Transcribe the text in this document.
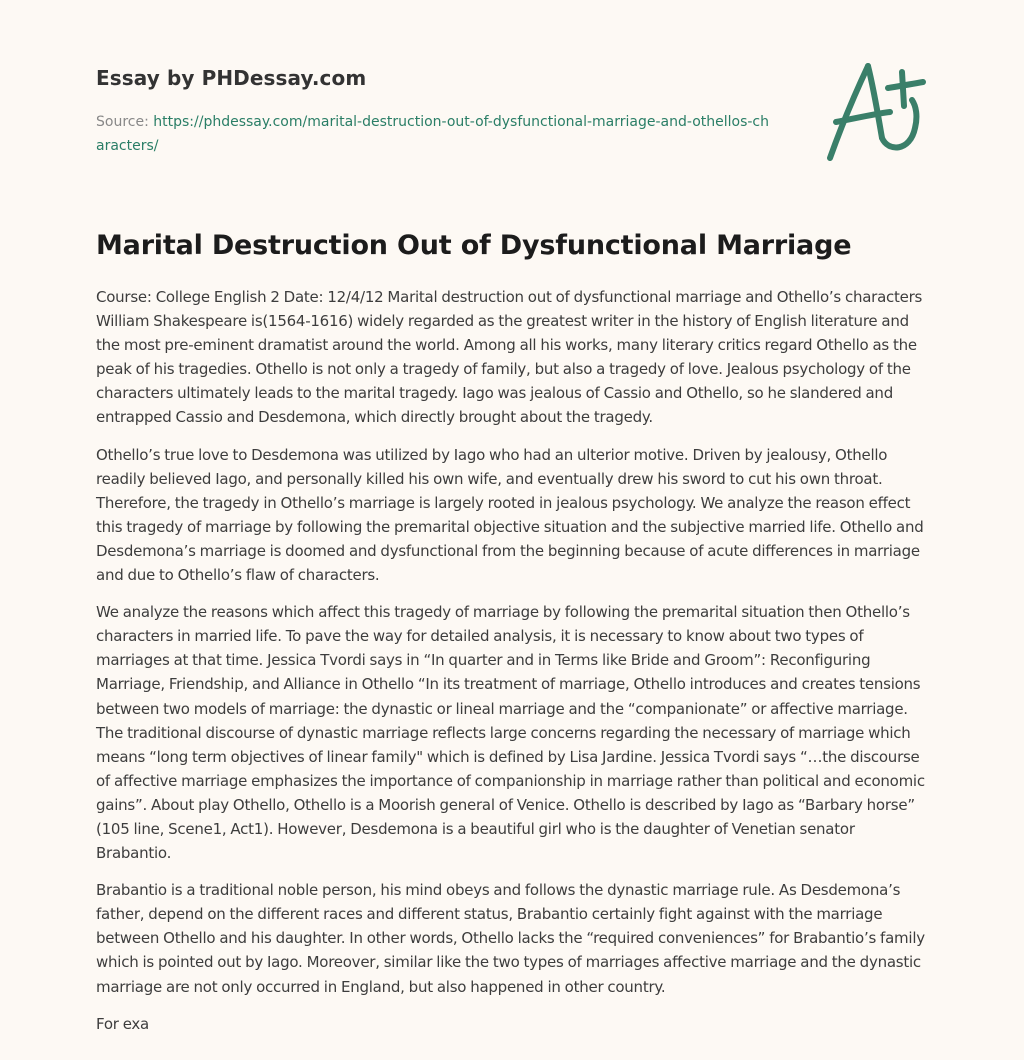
Essay by PHDessay.com
Source: https://phdessay.com/marital-destruction-out-of-dysfunctional-marriage-and-othellos-characters/
Marital Destruction Out of Dysfunctional Marriage

Course: College English 2 Date: 12/4/12 Marital destruction out of dysfunctional marriage and Othello’s characters William Shakespeare is(1564-1616) widely regarded as the greatest writer in the history of English literature and the most pre-eminent dramatist around the world. Among all his works, many literary critics regard Othello as the peak of his tragedies. Othello is not only a tragedy of family, but also a tragedy of love. Jealous psychology of the characters ultimately leads to the marital tragedy. Iago was jealous of Cassio and Othello, so he slandered and entrapped Cassio and Desdemona, which directly brought about the tragedy.

Othello’s true love to Desdemona was utilized by Iago who had an ulterior motive. Driven by jealousy, Othello readily believed Iago, and personally killed his own wife, and eventually drew his sword to cut his own throat. Therefore, the tragedy in Othello’s marriage is largely rooted in jealous psychology. We analyze the reason effect this tragedy of marriage by following the premarital objective situation and the subjective married life. Othello and Desdemona’s marriage is doomed and dysfunctional from the beginning because of acute differences in marriage and due to Othello’s flaw of characters.

We analyze the reasons which affect this tragedy of marriage by following the premarital situation then Othello’s characters in married life. To pave the way for detailed analysis, it is necessary to know about two types of marriages at that time. Jessica Tvordi says in “In quarter and in Terms like Bride and Groom”: Reconfiguring Marriage, Friendship, and Alliance in Othello “In its treatment of marriage, Othello introduces and creates tensions between two models of marriage: the dynastic or lineal marriage and the “companionate” or affective marriage. The traditional discourse of dynastic marriage reflects large concerns regarding the necessary of marriage which means “long term objectives of linear family" which is defined by Lisa Jardine. Jessica Tvordi says “…the discourse of affective marriage emphasizes the importance of companionship in marriage rather than political and economic gains”. About play Othello, Othello is a Moorish general of Venice. Othello is described by Iago as “Barbary horse” (105 line, Scene1, Act1). However, Desdemona is a beautiful girl who is the daughter of Venetian senator Brabantio.

Brabantio is a traditional noble person, his mind obeys and follows the dynastic marriage rule. As Desdemona’s father, depend on the different races and different status, Brabantio certainly fight against with the marriage between Othello and his daughter. In other words, Othello lacks the “required conveniences” for Brabantio’s family which is pointed out by Iago. Moreover, similar like the two types of marriages affective marriage and the dynastic marriage are not only occurred in England, but also happened in other country.

For exa
